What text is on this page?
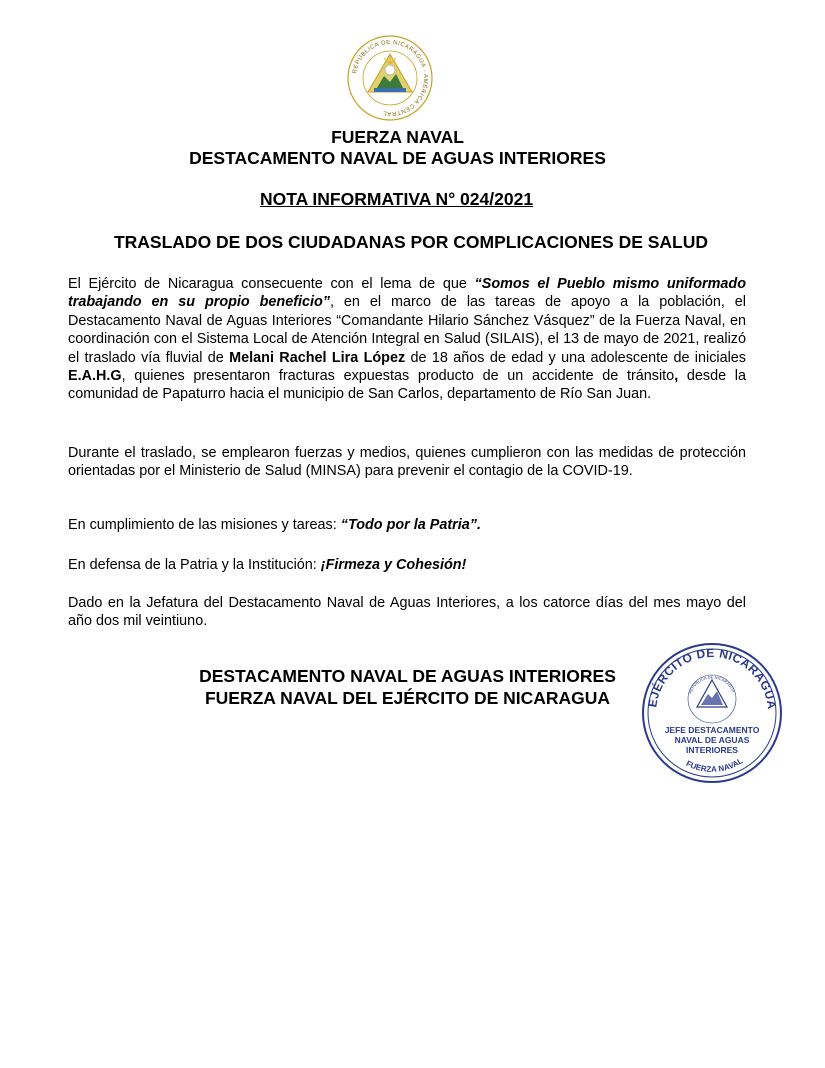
REPÚBLICA DE NICARAGUA · AMÉRICA CENTRAL
FUERZA NAVAL
DESTACAMENTO NAVAL DE AGUAS INTERIORES
NOTA INFORMATIVA N° 024/2021
TRASLADO DE DOS CIUDADANAS POR COMPLICACIONES DE SALUD

El Ejército de Nicaragua consecuente con el lema de que “Somos el Pueblo mismo uniformado trabajando en su propio beneficio”, en el marco de las tareas de apoyo a la población, el Destacamento Naval de Aguas Interiores “Comandante Hilario Sánchez Vásquez” de la Fuerza Naval, en coordinación con el Sistema Local de Atención Integral en Salud (SILAIS), el 13 de mayo de 2021, realizó el traslado vía fluvial de Melani Rachel Lira López de 18 años de edad y una adolescente de iniciales E.A.H.G, quienes presentaron fracturas expuestas producto de un accidente de tránsito, desde la comunidad de Papaturro hacia el municipio de San Carlos, departamento de Río San Juan.

Durante el traslado, se emplearon fuerzas y medios, quienes cumplieron con las medidas de protección orientadas por el Ministerio de Salud (MINSA) para prevenir el contagio de la COVID-19.

En cumplimiento de las misiones y tareas: “Todo por la Patria”.

En defensa de la Patria y la Institución: ¡Firmeza y Cohesión!

Dado en la Jefatura del Destacamento Naval de Aguas Interiores, a los catorce días del mes mayo del año dos mil veintiuno.

DESTACAMENTO NAVAL DE AGUAS INTERIORES
FUERZA NAVAL DEL EJÉRCITO DE NICARAGUA	EJÉRCITO DE NICARAGUA
REPÚBLICA DE NICARAGUA
JEFE DESTACAMENTO
NAVAL DE AGUAS
INTERIORES
FUERZA NAVAL
